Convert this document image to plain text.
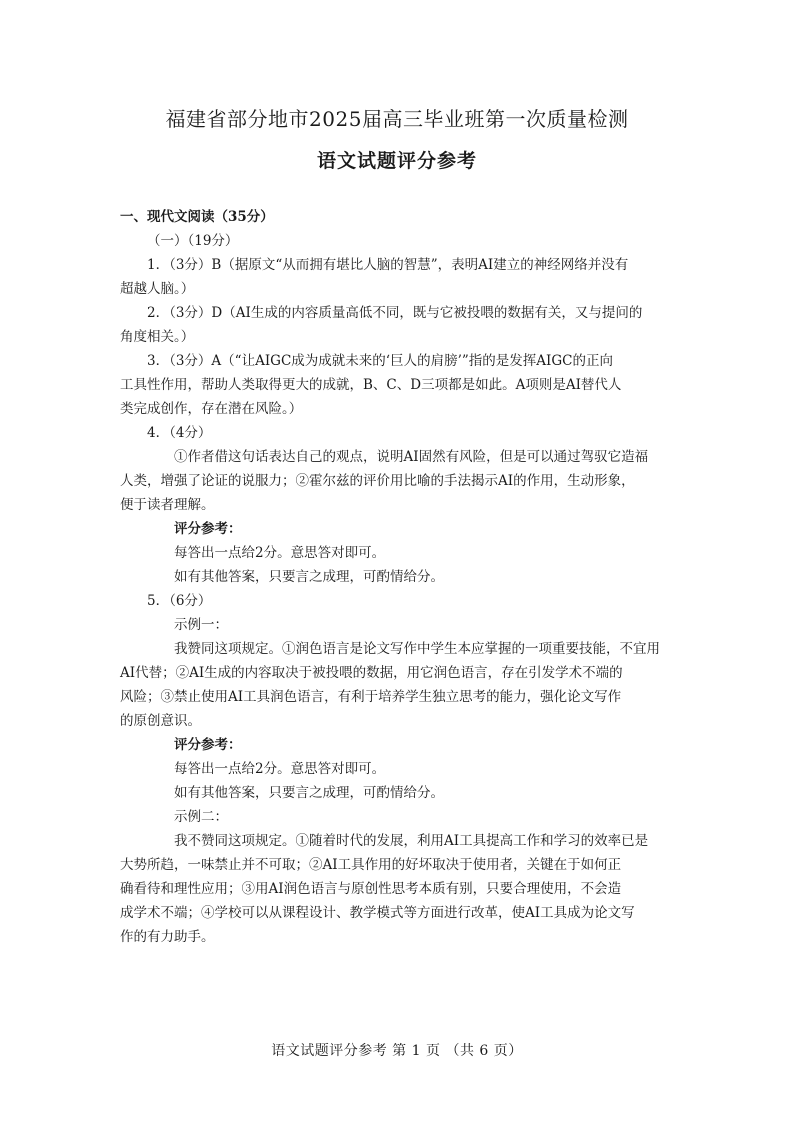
福建省部分地市2025届高三毕业班第一次质量检测
语文试题评分参考

一、现代文阅读（35分）

（一）（19分）

1．（3分）B（据原文“从而拥有堪比人脑的智慧”，表明AI建立的神经网络并没有

超越人脑。）

2．（3分）D（AI生成的内容质量高低不同，既与它被投喂的数据有关，又与提问的

角度相关。）

3．（3分）A（“让AIGC成为成就未来的‘巨人的肩膀’”指的是发挥AIGC的正向

工具性作用，帮助人类取得更大的成就，B、C、D三项都是如此。A项则是AI替代人

类完成创作，存在潜在风险。）

4．（4分）

①作者借这句话表达自己的观点，说明AI固然有风险，但是可以通过驾驭它造福

人类，增强了论证的说服力；②霍尔兹的评价用比喻的手法揭示AI的作用，生动形象，

便于读者理解。

评分参考：

每答出一点给2分。意思答对即可。

如有其他答案，只要言之成理，可酌情给分。

5．（6分）

示例一：

我赞同这项规定。①润色语言是论文写作中学生本应掌握的一项重要技能，不宜用

AI代替；②AI生成的内容取决于被投喂的数据，用它润色语言，存在引发学术不端的

风险；③禁止使用AI工具润色语言，有利于培养学生独立思考的能力，强化论文写作

的原创意识。

评分参考：

每答出一点给2分。意思答对即可。

如有其他答案，只要言之成理，可酌情给分。

示例二：

我不赞同这项规定。①随着时代的发展，利用AI工具提高工作和学习的效率已是

大势所趋，一味禁止并不可取；②AI工具作用的好坏取决于使用者，关键在于如何正

确看待和理性应用；③用AI润色语言与原创性思考本质有别，只要合理使用，不会造

成学术不端；④学校可以从课程设计、教学模式等方面进行改革，使AI工具成为论文写

作的有力助手。

语文试题评分参考 第 1 页 （共 6 页）
